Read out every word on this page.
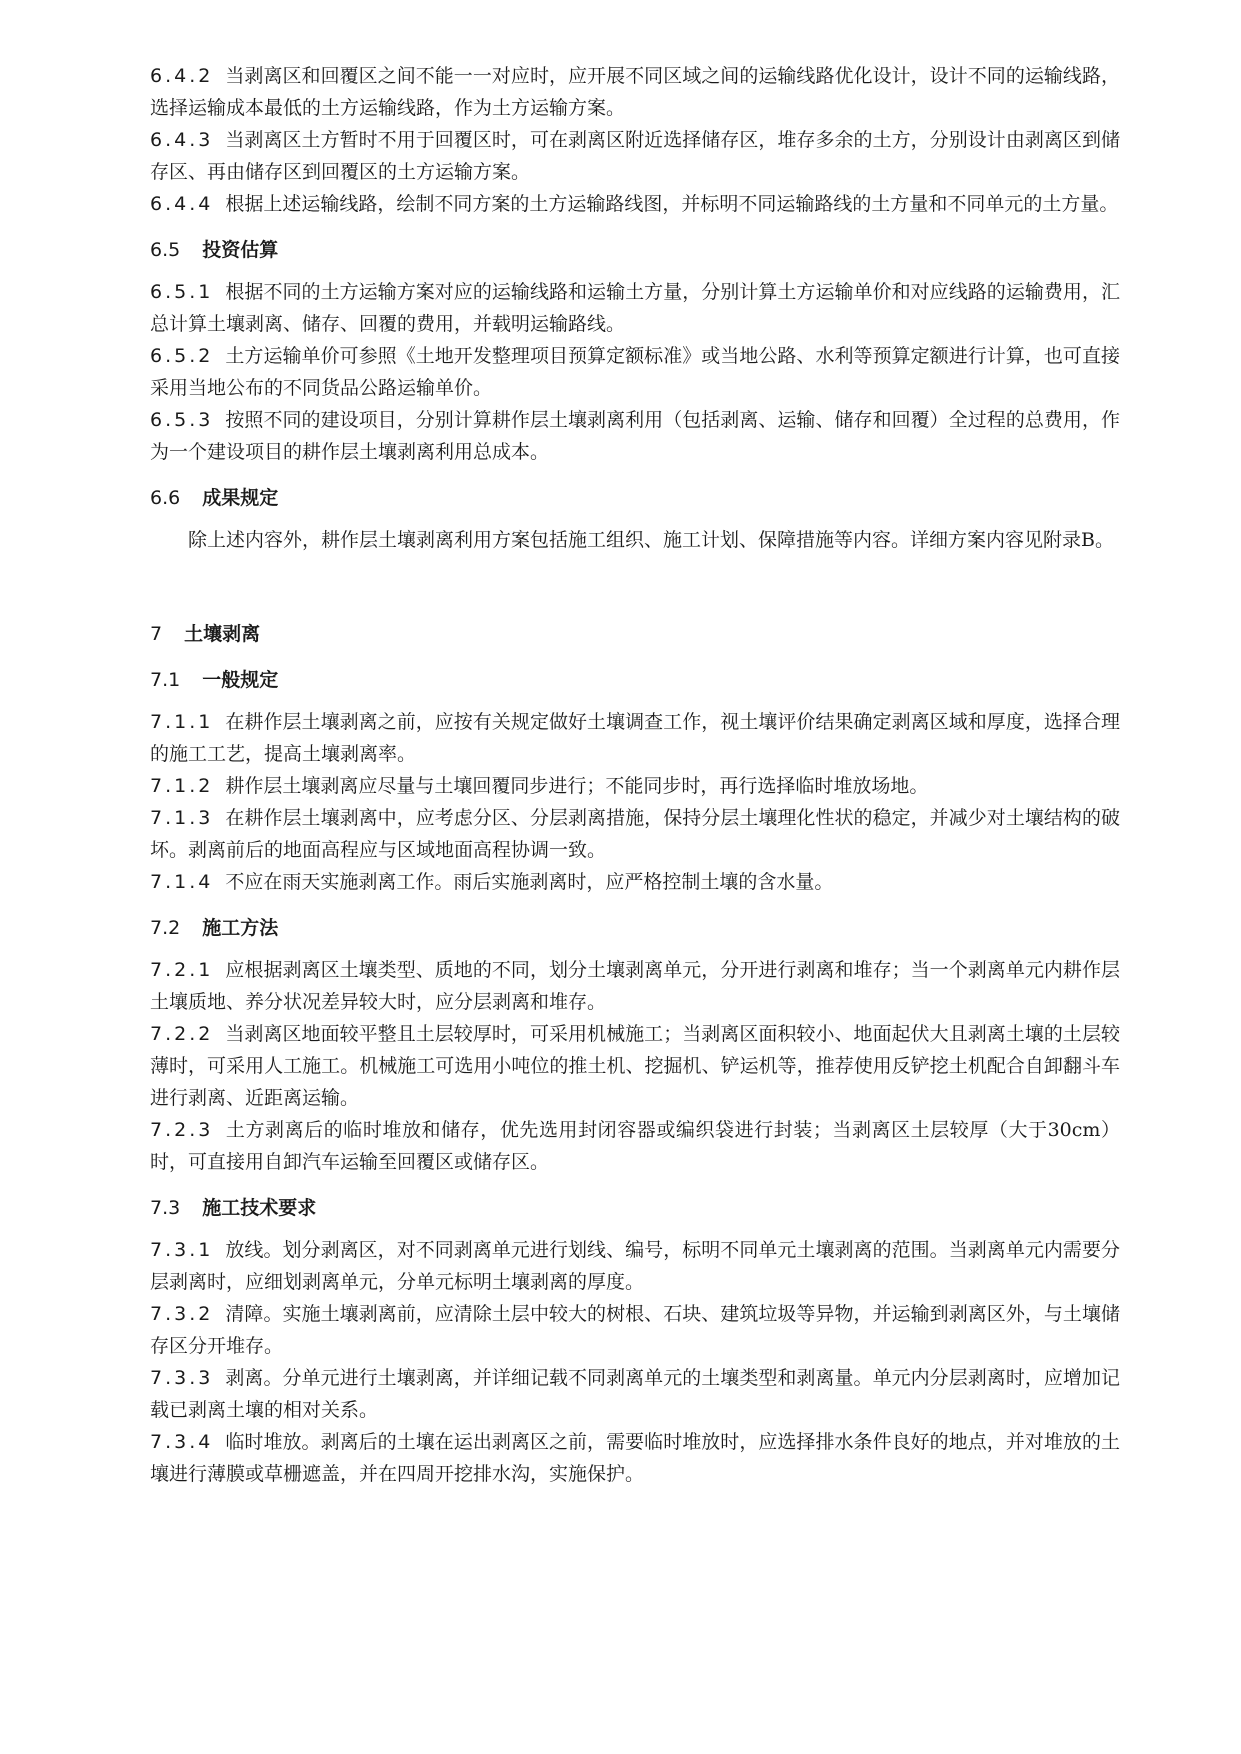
6.4.2 当剥离区和回覆区之间不能一一对应时，应开展不同区域之间的运输线路优化设计，设计不同的运输线路，选择运输成本最低的土方运输线路，作为土方运输方案。

6.4.3 当剥离区土方暂时不用于回覆区时，可在剥离区附近选择储存区，堆存多余的土方，分别设计由剥离区到储存区、再由储存区到回覆区的土方运输方案。

6.4.4 根据上述运输线路，绘制不同方案的土方运输路线图，并标明不同运输路线的土方量和不同单元的土方量。

6.5 投资估算

6.5.1 根据不同的土方运输方案对应的运输线路和运输土方量，分别计算土方运输单价和对应线路的运输费用，汇总计算土壤剥离、储存、回覆的费用，并载明运输路线。

6.5.2 土方运输单价可参照《土地开发整理项目预算定额标准》或当地公路、水利等预算定额进行计算，也可直接采用当地公布的不同货品公路运输单价。

6.5.3 按照不同的建设项目，分别计算耕作层土壤剥离利用（包括剥离、运输、储存和回覆）全过程的总费用，作为一个建设项目的耕作层土壤剥离利用总成本。

6.6 成果规定

除上述内容外，耕作层土壤剥离利用方案包括施工组织、施工计划、保障措施等内容。详细方案内容见附录B。

7 土壤剥离

7.1 一般规定

7.1.1 在耕作层土壤剥离之前，应按有关规定做好土壤调查工作，视土壤评价结果确定剥离区域和厚度，选择合理的施工工艺，提高土壤剥离率。

7.1.2 耕作层土壤剥离应尽量与土壤回覆同步进行；不能同步时，再行选择临时堆放场地。

7.1.3 在耕作层土壤剥离中，应考虑分区、分层剥离措施，保持分层土壤理化性状的稳定，并减少对土壤结构的破坏。剥离前后的地面高程应与区域地面高程协调一致。

7.1.4 不应在雨天实施剥离工作。雨后实施剥离时，应严格控制土壤的含水量。

7.2 施工方法

7.2.1 应根据剥离区土壤类型、质地的不同，划分土壤剥离单元，分开进行剥离和堆存；当一个剥离单元内耕作层土壤质地、养分状况差异较大时，应分层剥离和堆存。

7.2.2 当剥离区地面较平整且土层较厚时，可采用机械施工；当剥离区面积较小、地面起伏大且剥离土壤的土层较薄时，可采用人工施工。机械施工可选用小吨位的推土机、挖掘机、铲运机等，推荐使用反铲挖土机配合自卸翻斗车进行剥离、近距离运输。

7.2.3 土方剥离后的临时堆放和储存，优先选用封闭容器或编织袋进行封装；当剥离区土层较厚（大于30cm）时，可直接用自卸汽车运输至回覆区或储存区。

7.3 施工技术要求

7.3.1 放线。划分剥离区，对不同剥离单元进行划线、编号，标明不同单元土壤剥离的范围。当剥离单元内需要分层剥离时，应细划剥离单元，分单元标明土壤剥离的厚度。

7.3.2 清障。实施土壤剥离前，应清除土层中较大的树根、石块、建筑垃圾等异物，并运输到剥离区外，与土壤储存区分开堆存。

7.3.3 剥离。分单元进行土壤剥离，并详细记载不同剥离单元的土壤类型和剥离量。单元内分层剥离时，应增加记载已剥离土壤的相对关系。

7.3.4 临时堆放。剥离后的土壤在运出剥离区之前，需要临时堆放时，应选择排水条件良好的地点，并对堆放的土壤进行薄膜或草栅遮盖，并在四周开挖排水沟，实施保护。
